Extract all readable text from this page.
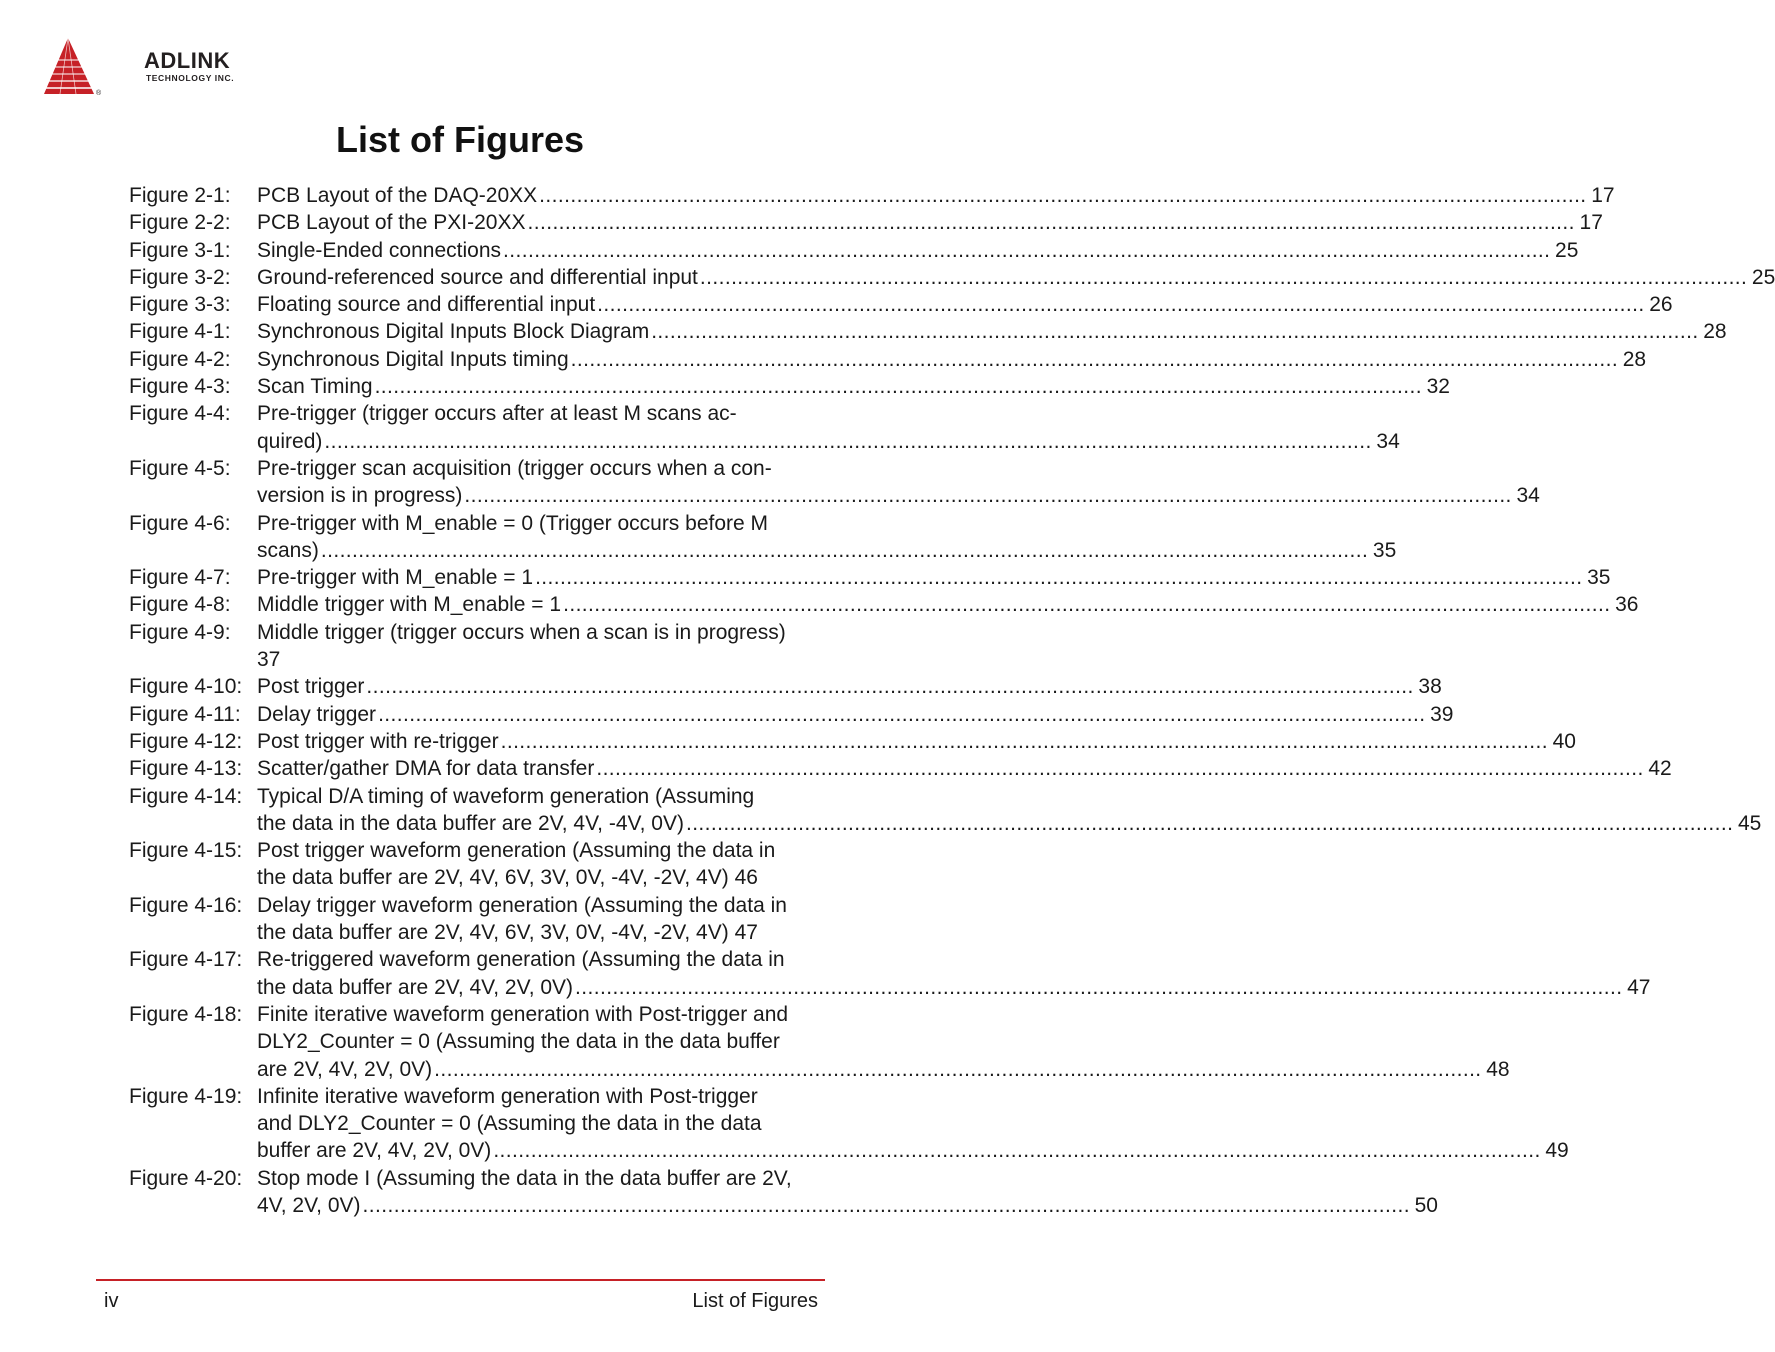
ADLINK
TECHNOLOGY INC.
®
List of Figures
Figure 2-1: PCB Layout of the DAQ-20XX ........................................................................................................................................................................ 17
Figure 2-2: PCB Layout of the PXI-20XX ........................................................................................................................................................................ 17
Figure 3-1: Single-Ended connections ........................................................................................................................................................................ 25
Figure 3-2: Ground-referenced source and differential input ........................................................................................................................................................................ 25
Figure 3-3: Floating source and differential input ........................................................................................................................................................................ 26
Figure 4-1: Synchronous Digital Inputs Block Diagram ........................................................................................................................................................................ 28
Figure 4-2: Synchronous Digital Inputs timing ........................................................................................................................................................................ 28
Figure 4-3: Scan Timing ........................................................................................................................................................................ 32
Figure 4-4: Pre-trigger (trigger occurs after at least M scans ac-
quired) ........................................................................................................................................................................ 34
Figure 4-5: Pre-trigger scan acquisition (trigger occurs when a con-
version is in progress) ........................................................................................................................................................................ 34
Figure 4-6: Pre-trigger with M_enable = 0 (Trigger occurs before M
scans) ........................................................................................................................................................................ 35
Figure 4-7: Pre-trigger with M_enable = 1 ........................................................................................................................................................................ 35
Figure 4-8: Middle trigger with M_enable = 1 ........................................................................................................................................................................ 36
Figure 4-9: Middle trigger (trigger occurs when a scan is in progress)
37
Figure 4-10: Post trigger ........................................................................................................................................................................ 38
Figure 4-11: Delay trigger ........................................................................................................................................................................ 39
Figure 4-12: Post trigger with re-trigger ........................................................................................................................................................................ 40
Figure 4-13: Scatter/gather DMA for data transfer ........................................................................................................................................................................ 42
Figure 4-14: Typical D/A timing of waveform generation (Assuming
the data in the data buffer are 2V, 4V, -4V, 0V) ........................................................................................................................................................................ 45
Figure 4-15: Post trigger waveform generation (Assuming the data in
the data buffer are 2V, 4V, 6V, 3V, 0V, -4V, -2V, 4V) 46
Figure 4-16: Delay trigger waveform generation (Assuming the data in
the data buffer are 2V, 4V, 6V, 3V, 0V, -4V, -2V, 4V) 47
Figure 4-17: Re-triggered waveform generation (Assuming the data in
the data buffer are 2V, 4V, 2V, 0V) ........................................................................................................................................................................ 47
Figure 4-18: Finite iterative waveform generation with Post-trigger and
DLY2_Counter = 0 (Assuming the data in the data buffer
are 2V, 4V, 2V, 0V) ........................................................................................................................................................................ 48
Figure 4-19: Infinite iterative waveform generation with Post-trigger
and DLY2_Counter = 0 (Assuming the data in the data
buffer are 2V, 4V, 2V, 0V) ........................................................................................................................................................................ 49
Figure 4-20: Stop mode I (Assuming the data in the data buffer are 2V,
4V, 2V, 0V) ........................................................................................................................................................................ 50
iv	List of Figures
